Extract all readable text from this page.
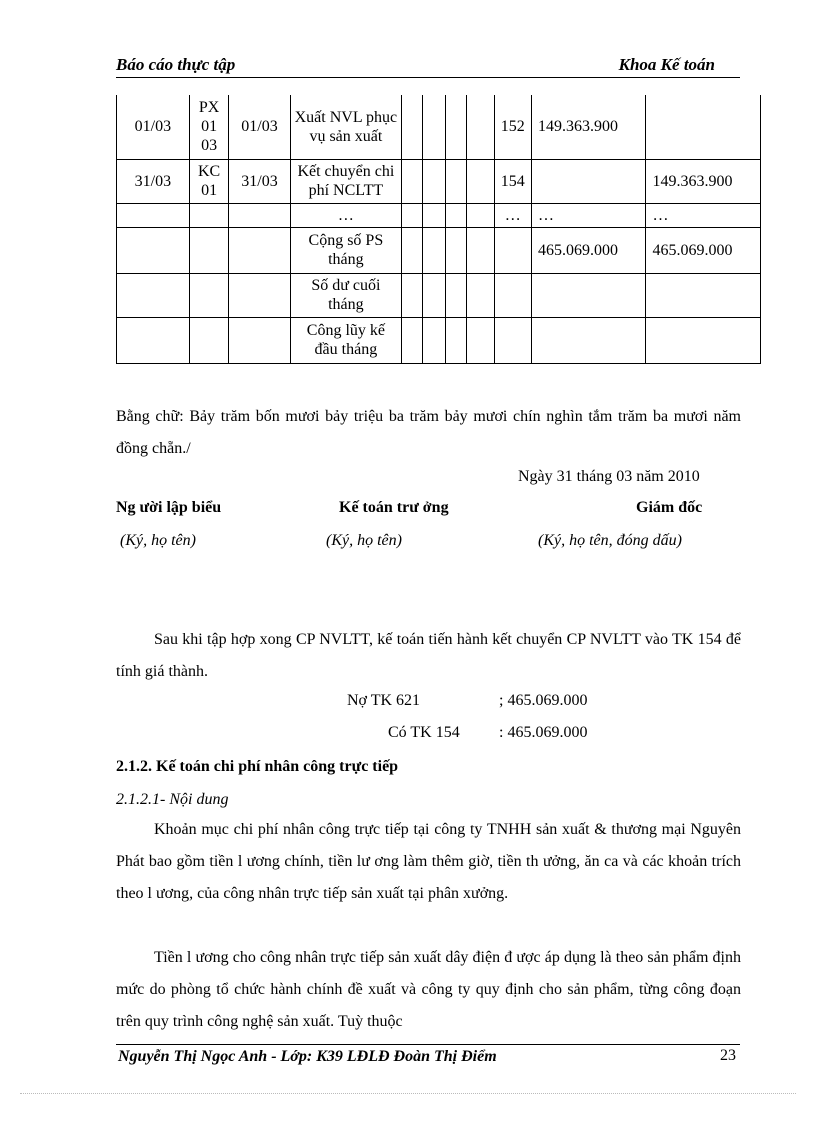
Báo cáo thực tập	Khoa Kế toán
01/03	PX 01 03	01/03	Xuất NVL phục vụ sản xuất					152	149.363.900	
31/03	KC 01	31/03	Kết chuyển chi phí NCLTT					154		149.363.900
			…					…	…	…
			Cộng số PS tháng						465.069.000	465.069.000
			Số dư cuối tháng							
			Công lũy kế đầu tháng							
Bằng chữ: Bảy trăm bốn mươi bảy triệu ba trăm bảy mươi chín nghìn tắm trăm ba mươi năm đồng chẵn./
Ngày 31 tháng 03 năm 2010
Ng ười lập biểu	Kế toán trư ởng	Giám đốc
(Ký, họ tên)	(Ký, họ tên)	(Ký, họ tên, đóng dấu)
Sau khi tập hợp xong CP NVLTT, kế toán tiến hành kết chuyển CP NVLTT vào TK 154 để tính giá thành.
Nợ TK 621	; 465.069.000
Có TK 154 : 465.069.000
2.1.2. Kế toán chi phí nhân công trực tiếp
2.1.2.1- Nội dung
Khoản mục chi phí nhân công trực tiếp tại công ty TNHH sản xuất & thương mại Nguyên Phát bao gồm tiền l ương chính, tiền lư ơng làm thêm giờ, tiền th ưởng, ăn ca và các khoản trích theo l ương, của công nhân trực tiếp sản xuất tại phân xưởng.
Tiền l ương cho công nhân trực tiếp sản xuất dây điện đ ược áp dụng là theo sản phẩm định mức do phòng tổ chức hành chính đề xuất và công ty quy định cho sản phẩm, từng công đoạn trên quy trình công nghệ sản xuất. Tuỳ thuộc
Nguyễn Thị Ngọc Anh - Lớp: K39 LĐLĐ Đoàn Thị Điểm	23
